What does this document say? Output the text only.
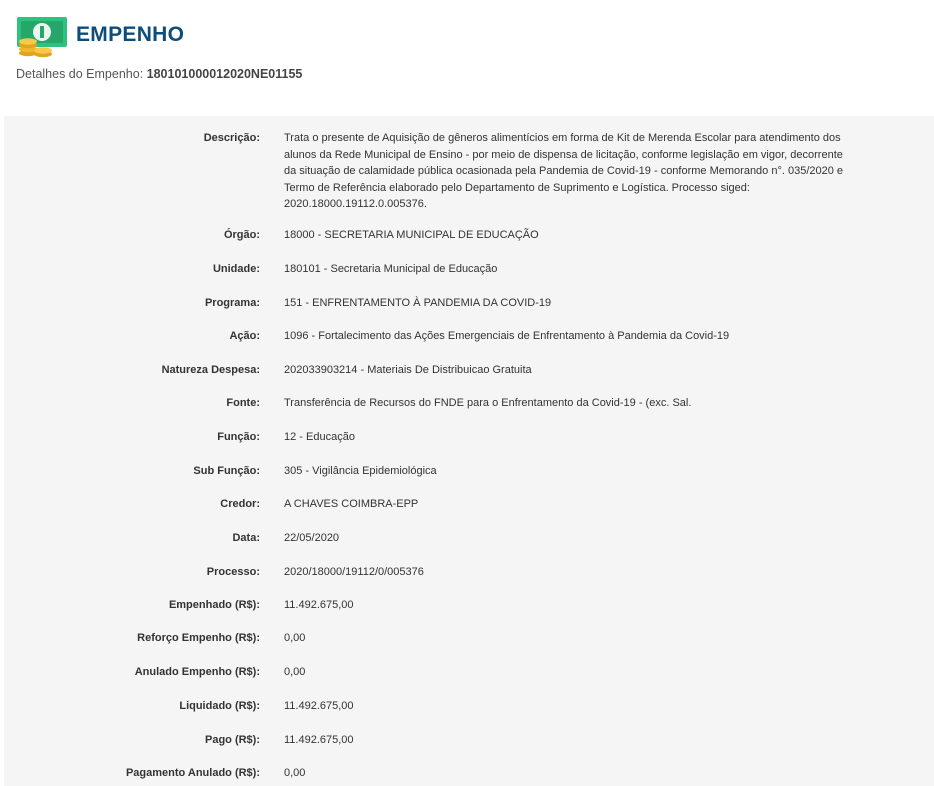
EMPENHO
Detalhes do Empenho: 180101000012020NE01155
Descrição: Trata o presente de Aquisição de gêneros alimentícios em forma de Kit de Merenda Escolar para atendimento dos alunos da Rede Municipal de Ensino - por meio de dispensa de licitação, conforme legislação em vigor, decorrente da situação de calamidade pública ocasionada pela Pandemia de Covid-19 - conforme Memorando n°. 035/2020 e Termo de Referência elaborado pelo Departamento de Suprimento e Logística. Processo siged: 2020.18000.19112.0.005376.
Órgão: 18000 - SECRETARIA MUNICIPAL DE EDUCAÇÃO
Unidade: 180101 - Secretaria Municipal de Educação
Programa: 151 - ENFRENTAMENTO À PANDEMIA DA COVID-19
Ação: 1096 - Fortalecimento das Ações Emergenciais de Enfrentamento à Pandemia da Covid-19
Natureza Despesa: 202033903214 - Materiais De Distribuicao Gratuita
Fonte: Transferência de Recursos do FNDE para o Enfrentamento da Covid-19 - (exc. Sal.
Função: 12 - Educação
Sub Função: 305 - Vigilância Epidemiológica
Credor: A CHAVES COIMBRA-EPP
Data: 22/05/2020
Processo: 2020/18000/19112/0/005376
Empenhado (R$): 11.492.675,00
Reforço Empenho (R$): 0,00
Anulado Empenho (R$): 0,00
Liquidado (R$): 11.492.675,00
Pago (R$): 11.492.675,00
Pagamento Anulado (R$): 0,00
